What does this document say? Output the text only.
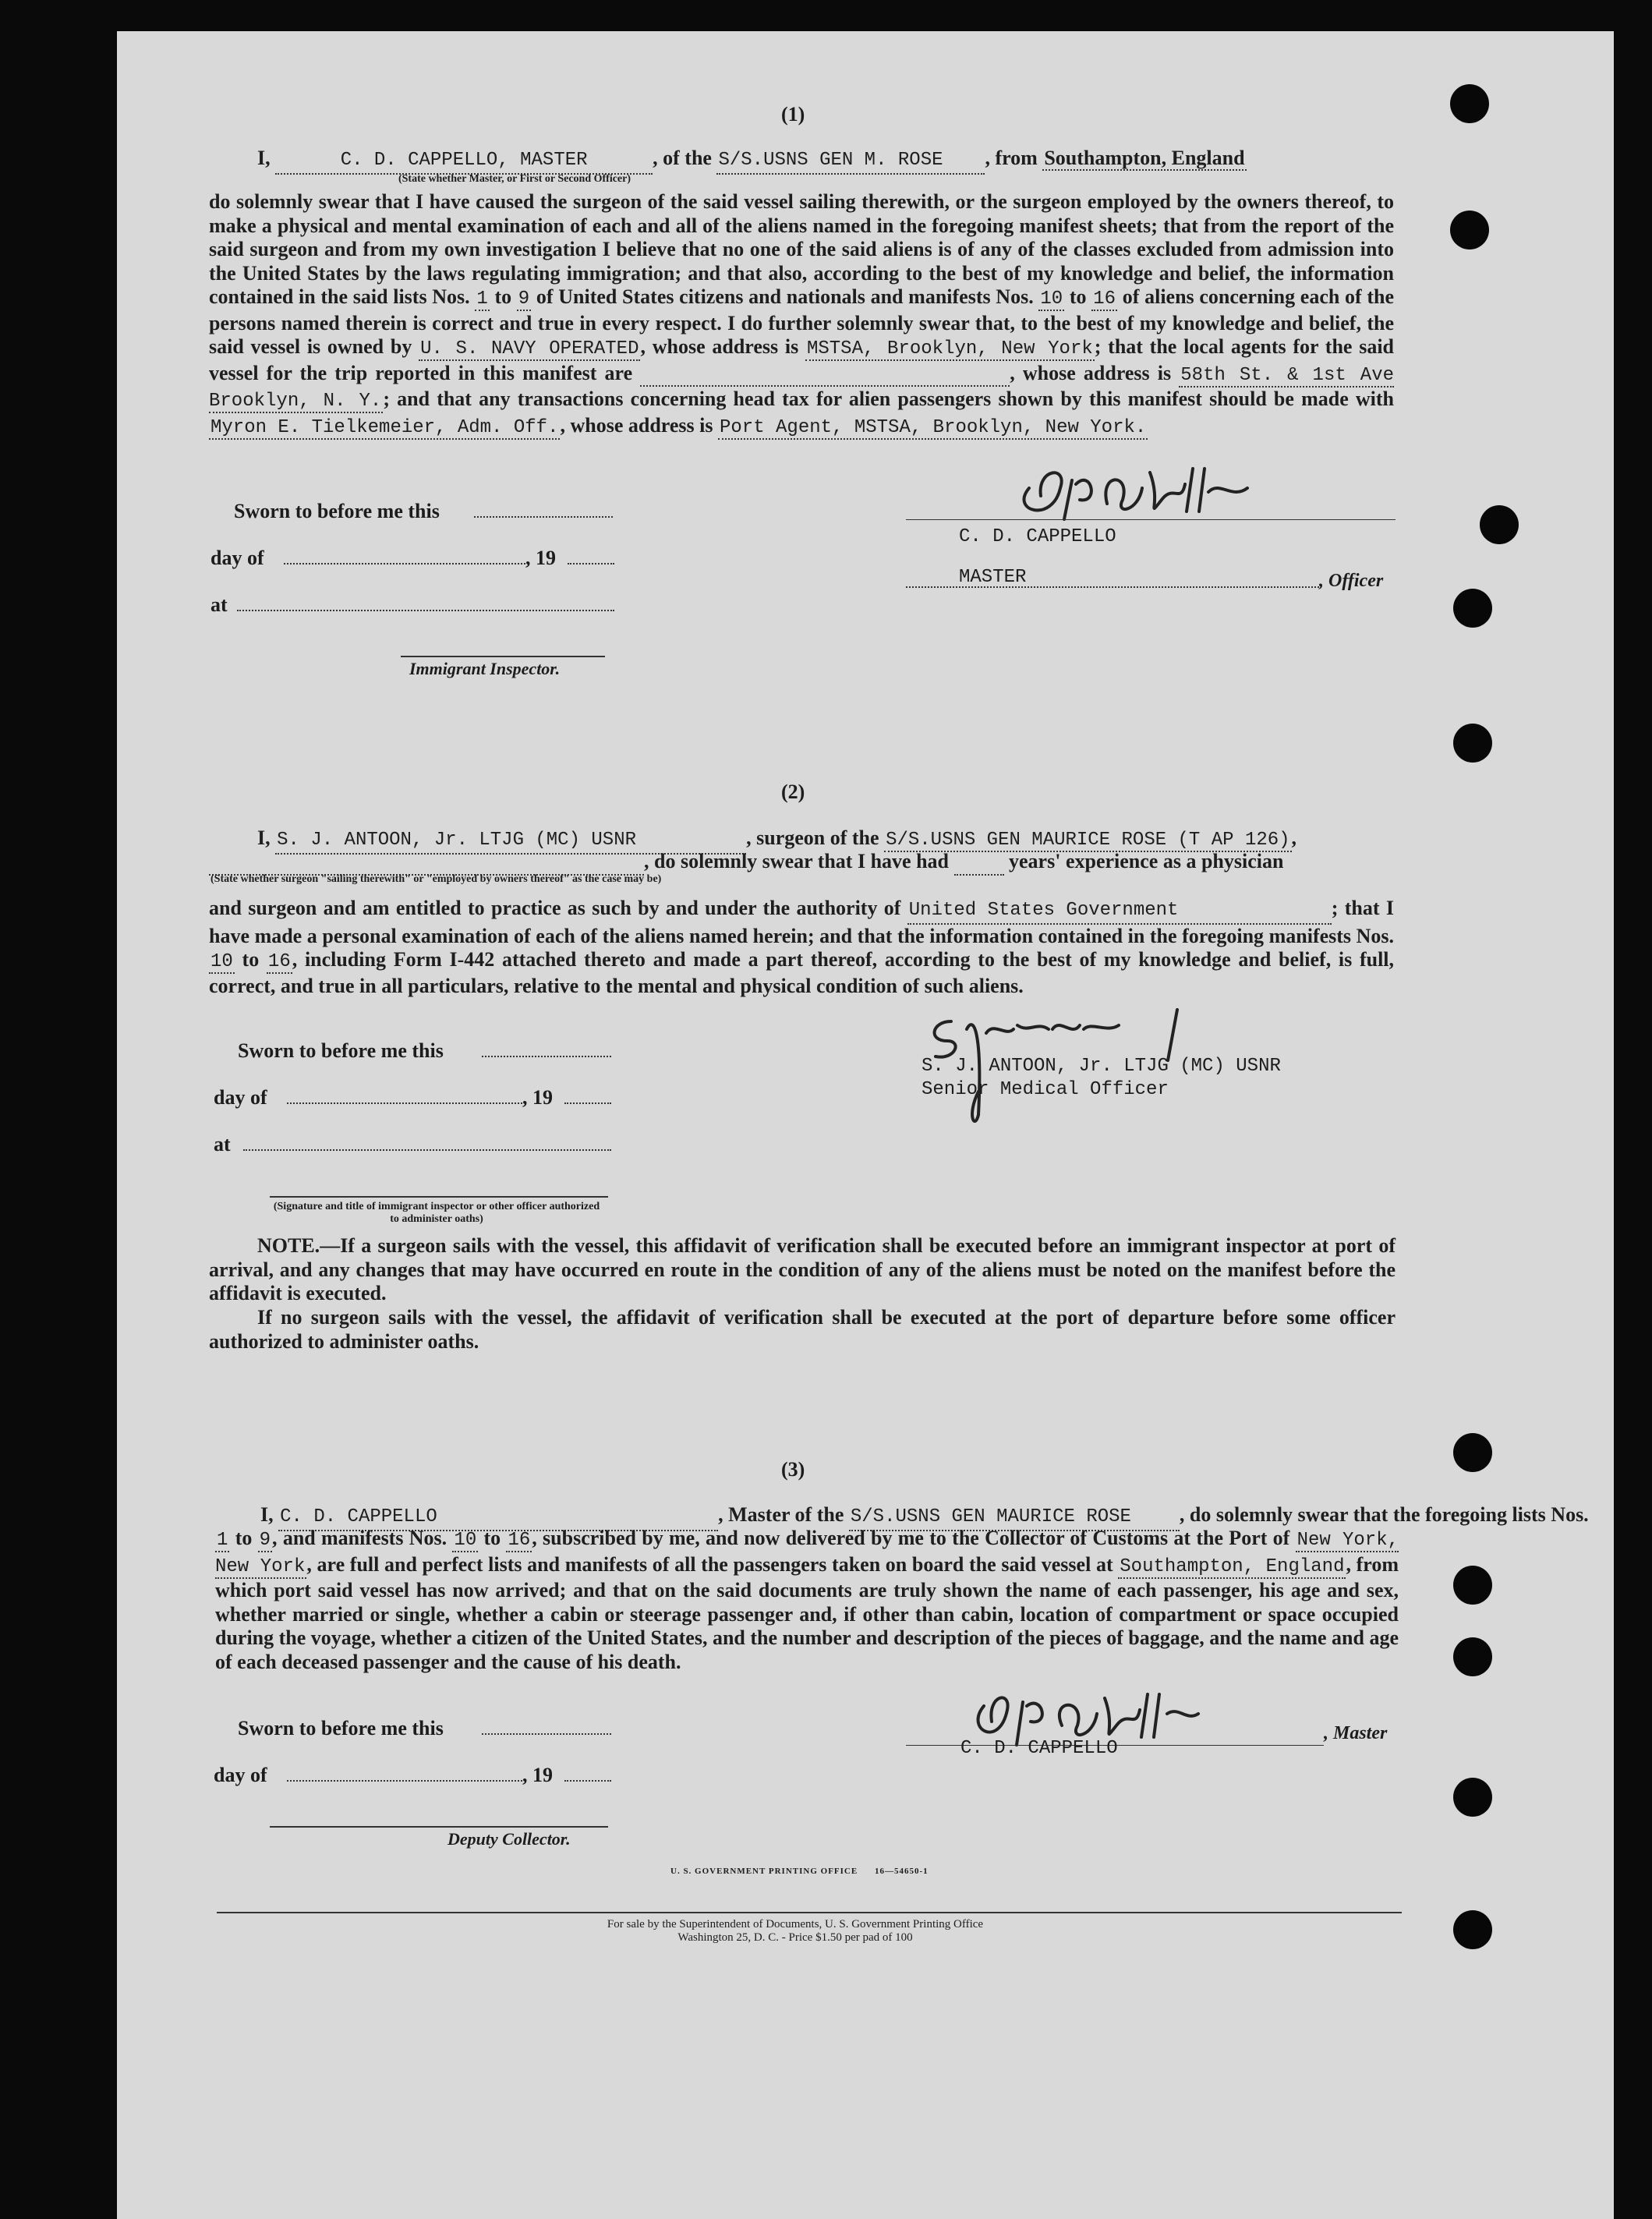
(1)
I,	C. D. CAPPELLO, MASTER	, of the S/S.USNS GEN M. ROSE , from Southampton, England
(State whether Master, or First or Second Officer)
do solemnly swear that I have caused the surgeon of the said vessel sailing therewith, or the surgeon employed by the owners thereof, to make a physical and mental examination of each and all of the aliens named in the foregoing manifest sheets; that from the report of the said surgeon and from my own investigation I believe that no one of the said aliens is of any of the classes excluded from admission into the United States by the laws regulating immigration; and that also, according to the best of my knowledge and belief, the information contained in the said lists Nos. 1 to 9 of United States citizens and nationals and manifests Nos. 10 to 16 of aliens concerning each of the persons named therein is correct and true in every respect. I do further solemnly swear that, to the best of my knowledge and belief, the said vessel is owned by U. S. NAVY OPERATED, whose address is MSTSA, Brooklyn, New York; that the local agents for the said vessel for the trip reported in this manifest are	, whose address is 58th St. & 1st Ave Brooklyn, N. Y.; and that any transactions concerning head tax for alien passengers shown by this manifest should be made with Myron E. Tielkemeier, Adm. Off., whose address is Port Agent, MSTSA, Brooklyn, New York.
Sworn to before me this
day of	, 19
at
Immigrant Inspector.
C. D. CAPPELLO
MASTER	, Officer
(2)
I, S. J. ANTOON, Jr. LTJG (MC) USNR	, surgeon of the S/S.USNS GEN MAURICE ROSE (T AP 126),
, do solemnly swear that I have had	years' experience as a physician
(State whether surgeon "sailing therewith" or "employed by owners thereof" as the case may be)
and surgeon and am entitled to practice as such by and under the authority of United States Government	; that I have made a personal examination of each of the aliens named herein; and that the information contained in the foregoing manifests Nos. 10 to 16, including Form I-442 attached thereto and made a part thereof, according to the best of my knowledge and belief, is full, correct, and true in all particulars, relative to the mental and physical condition of such aliens.
Sworn to before me this
day of	, 19
at
(Signature and title of immigrant inspector or other officer authorized to administer oaths)
S. J. ANTOON, Jr. LTJG (MC) USNR
Senior Medical Officer
NOTE.—If a surgeon sails with the vessel, this affidavit of verification shall be executed before an immigrant inspector at port of arrival, and any changes that may have occurred en route in the condition of any of the aliens must be noted on the manifest before the affidavit is executed.
If no surgeon sails with the vessel, the affidavit of verification shall be executed at the port of departure before some officer authorized to administer oaths.
(3)
I, C. D. CAPPELLO	, Master of the S/S.USNS GEN MAURICE ROSE , do solemnly swear that the foregoing lists Nos.
1 to 9, and manifests Nos. 10 to 16, subscribed by me, and now delivered by me to the Collector of Customs at the Port of New York, New York, are full and perfect lists and manifests of all the passengers taken on board the said vessel at Southampton, England, from which port said vessel has now arrived; and that on the said documents are truly shown the name of each passenger, his age and sex, whether married or single, whether a cabin or steerage passenger and, if other than cabin, location of compartment or space occupied during the voyage, whether a citizen of the United States, and the number and description of the pieces of baggage, and the name and age of each deceased passenger and the cause of his death.
Sworn to before me this
day of	, 19
Deputy Collector.
C. D. CAPPELLO
, Master
U. S. GOVERNMENT PRINTING OFFICE 16—54650-1
For sale by the Superintendent of Documents, U. S. Government Printing Office
Washington 25, D. C. - Price $1.50 per pad of 100
